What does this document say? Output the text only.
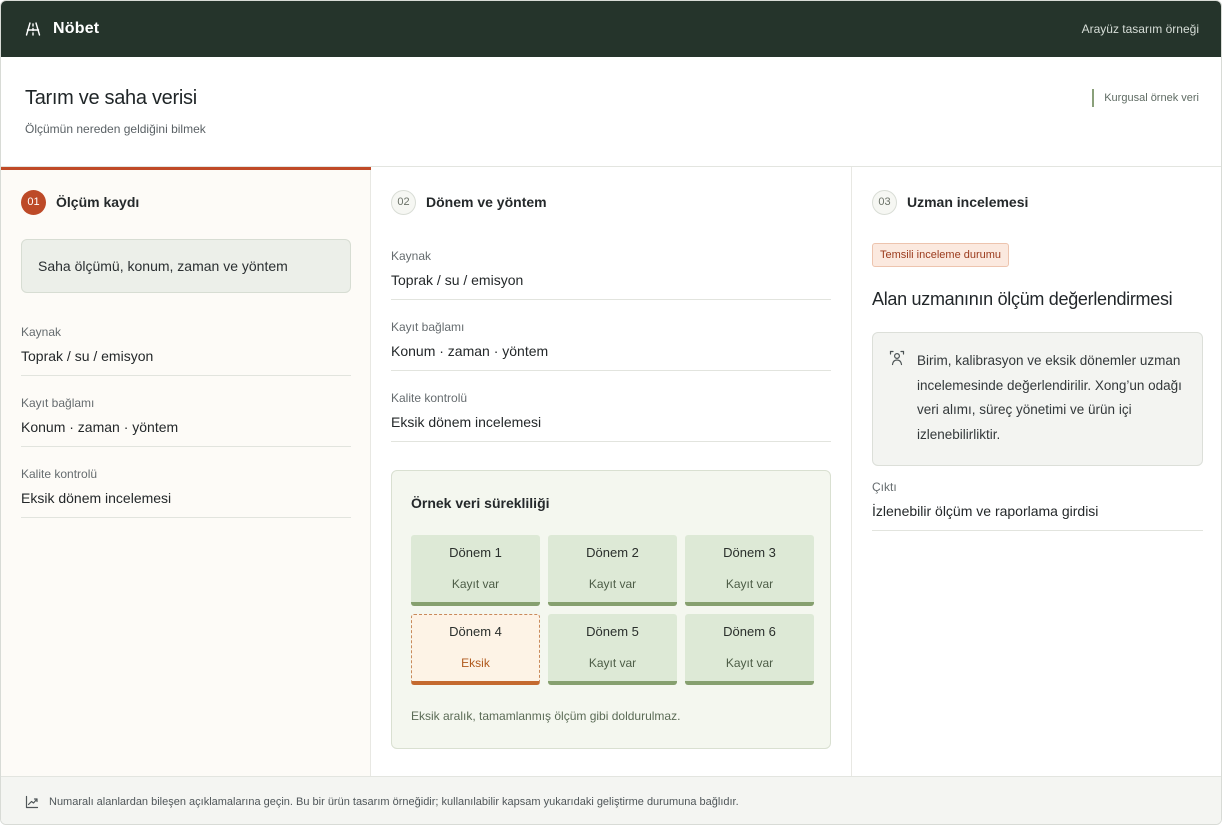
Nöbet	Arayüz tasarım örneği
Tarım ve saha verisi
Ölçümün nereden geldiğini bilmek
Kurgusal örnek veri
01	Ölçüm kaydı
Saha ölçümü, konum, zaman ve yöntem
Kaynak
Toprak / su / emisyon
Kayıt bağlamı
Konum · zaman · yöntem
Kalite kontrolü
Eksik dönem incelemesi
02	Dönem ve yöntem
Kaynak
Toprak / su / emisyon
Kayıt bağlamı
Konum · zaman · yöntem
Kalite kontrolü
Eksik dönem incelemesi
Örnek veri sürekliliği
Dönem 1
Kayıt var
Dönem 2
Kayıt var
Dönem 3
Kayıt var
Dönem 4
Eksik
Dönem 5
Kayıt var
Dönem 6
Kayıt var
Eksik aralık, tamamlanmış ölçüm gibi doldurulmaz.
03	Uzman incelemesi
Temsili inceleme durumu
Alan uzmanının ölçüm değerlendirmesi
Birim, kalibrasyon ve eksik dönemler uzman incelemesinde değerlendirilir. Xong’un odağı veri alımı, süreç yönetimi ve ürün içi izlenebilirliktir.
Çıktı
İzlenebilir ölçüm ve raporlama girdisi
Numaralı alanlardan bileşen açıklamalarına geçin. Bu bir ürün tasarım örneğidir; kullanılabilir kapsam yukarıdaki geliştirme durumuna bağlıdır.
